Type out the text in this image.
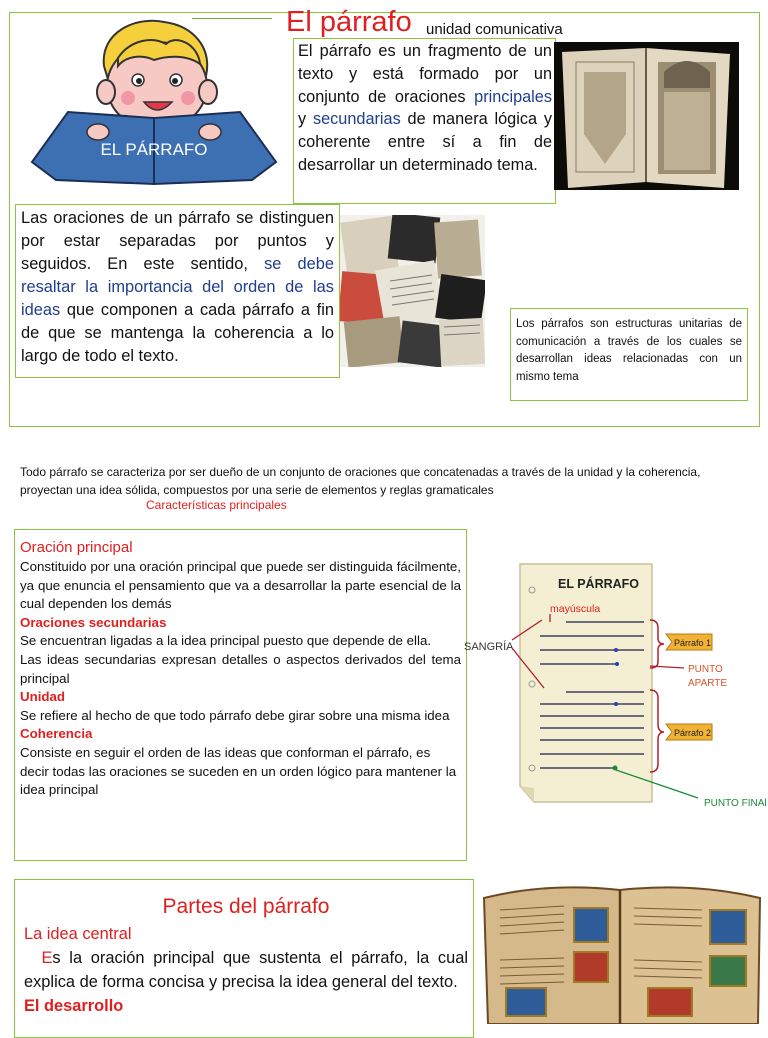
El párrafo unidad comunicativa
EL PÁRRAFO
El párrafo es un fragmento de un texto y está formado por un conjunto de oraciones principales y secundarias de manera lógica y coherente entre sí a fin de desarrollar un determinado tema.
Las oraciones de un párrafo se distinguen por estar separadas por puntos y seguidos. En este sentido, se debe resaltar la importancia del orden de las ideas que componen a cada párrafo a fin de que se mantenga la coherencia a lo largo de todo el texto.
Los párrafos son estructuras unitarias de comunicación a través de los cuales se desarrollan ideas relacionadas con un mismo tema
Todo párrafo se caracteriza por ser dueño de un conjunto de oraciones que concatenadas a través de la unidad y la coherencia, proyectan una idea sólida, compuestos por una serie de elementos y reglas gramaticales
Características principales
Oración principal
Constituido por una oración principal que puede ser distinguida fácilmente, ya que enuncia el pensamiento que va a desarrollar la parte esencial de la cual dependen los demás
Oraciones secundarias
Se encuentran ligadas a la idea principal puesto que depende de ella.
Las ideas secundarias expresan detalles o aspectos derivados del tema principal
Unidad
Se refiere al hecho de que todo párrafo debe girar sobre una misma idea
Coherencia
Consiste en seguir el orden de las ideas que conforman el párrafo, es decir todas las oraciones se suceden en un orden lógico para mantener la idea principal
EL PÁRRAFO
mayúscula
SANGRÍA	Párrafo 1
Párrafo 2
PUNTO
APARTE
PUNTO FINAl
Partes del párrafo
La idea central
Es la oración principal que sustenta el párrafo, la cual explica de forma concisa y precisa la idea general del texto.
El desarrollo
